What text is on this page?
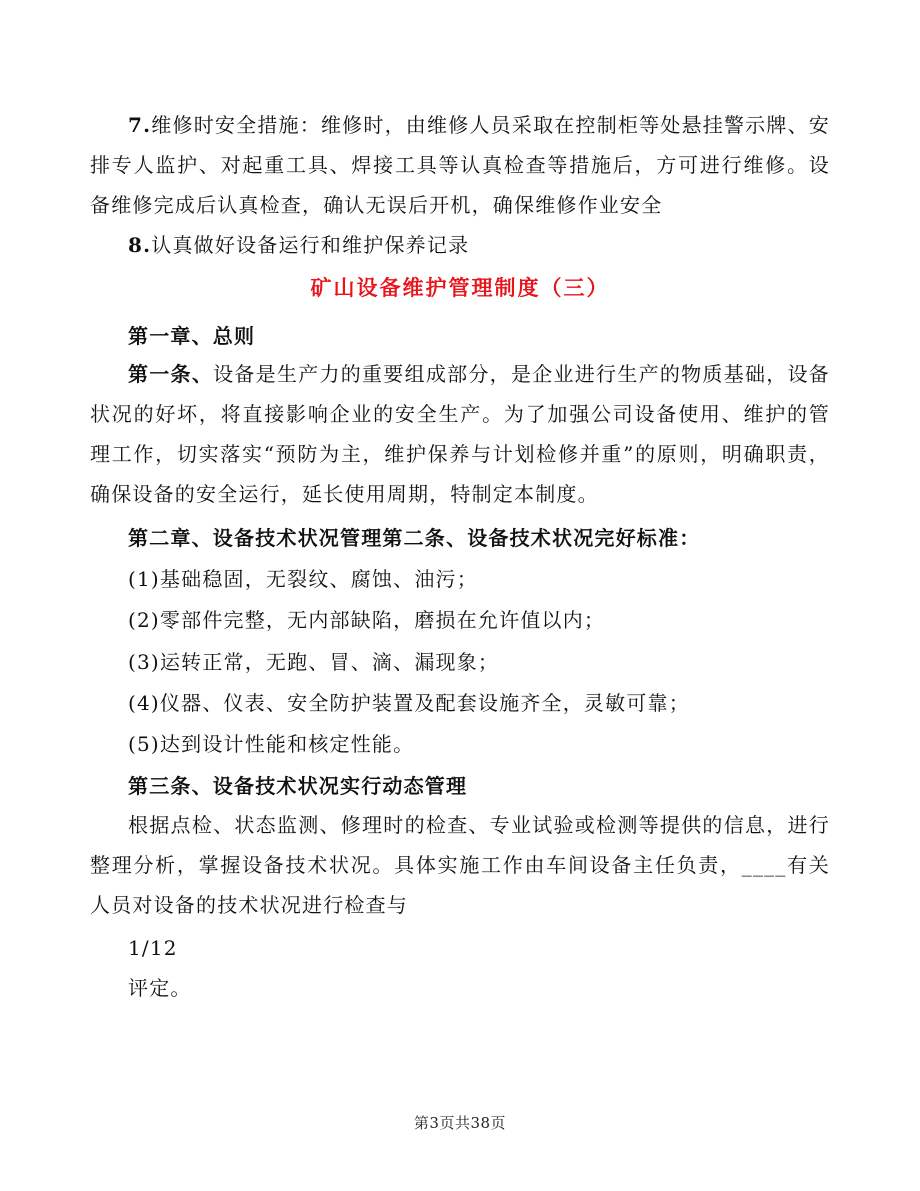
7.维修时安全措施：维修时，由维修人员采取在控制柜等处悬挂警示牌、安排专人监护、对起重工具、焊接工具等认真检查等措施后，方可进行维修。设备维修完成后认真检查，确认无误后开机，确保维修作业安全
8.认真做好设备运行和维护保养记录
矿山设备维护管理制度（三）
第一章、总则
第一条、设备是生产力的重要组成部分，是企业进行生产的物质基础，设备状况的好坏，将直接影响企业的安全生产。为了加强公司设备使用、维护的管理工作，切实落实“预防为主，维护保养与计划检修并重”的原则，明确职责，确保设备的安全运行，延长使用周期，特制定本制度。
第二章、设备技术状况管理第二条、设备技术状况完好标准：
(1)基础稳固，无裂纹、腐蚀、油污；
(2)零部件完整，无内部缺陷，磨损在允许值以内；
(3)运转正常，无跑、冒、滴、漏现象；
(4)仪器、仪表、安全防护装置及配套设施齐全，灵敏可靠；
(5)达到设计性能和核定性能。
第三条、设备技术状况实行动态管理
根据点检、状态监测、修理时的检查、专业试验或检测等提供的信息，进行整理分析，掌握设备技术状况。具体实施工作由车间设备主任负责，____有关人员对设备的技术状况进行检查与
1/12
评定。
第3页共38页
